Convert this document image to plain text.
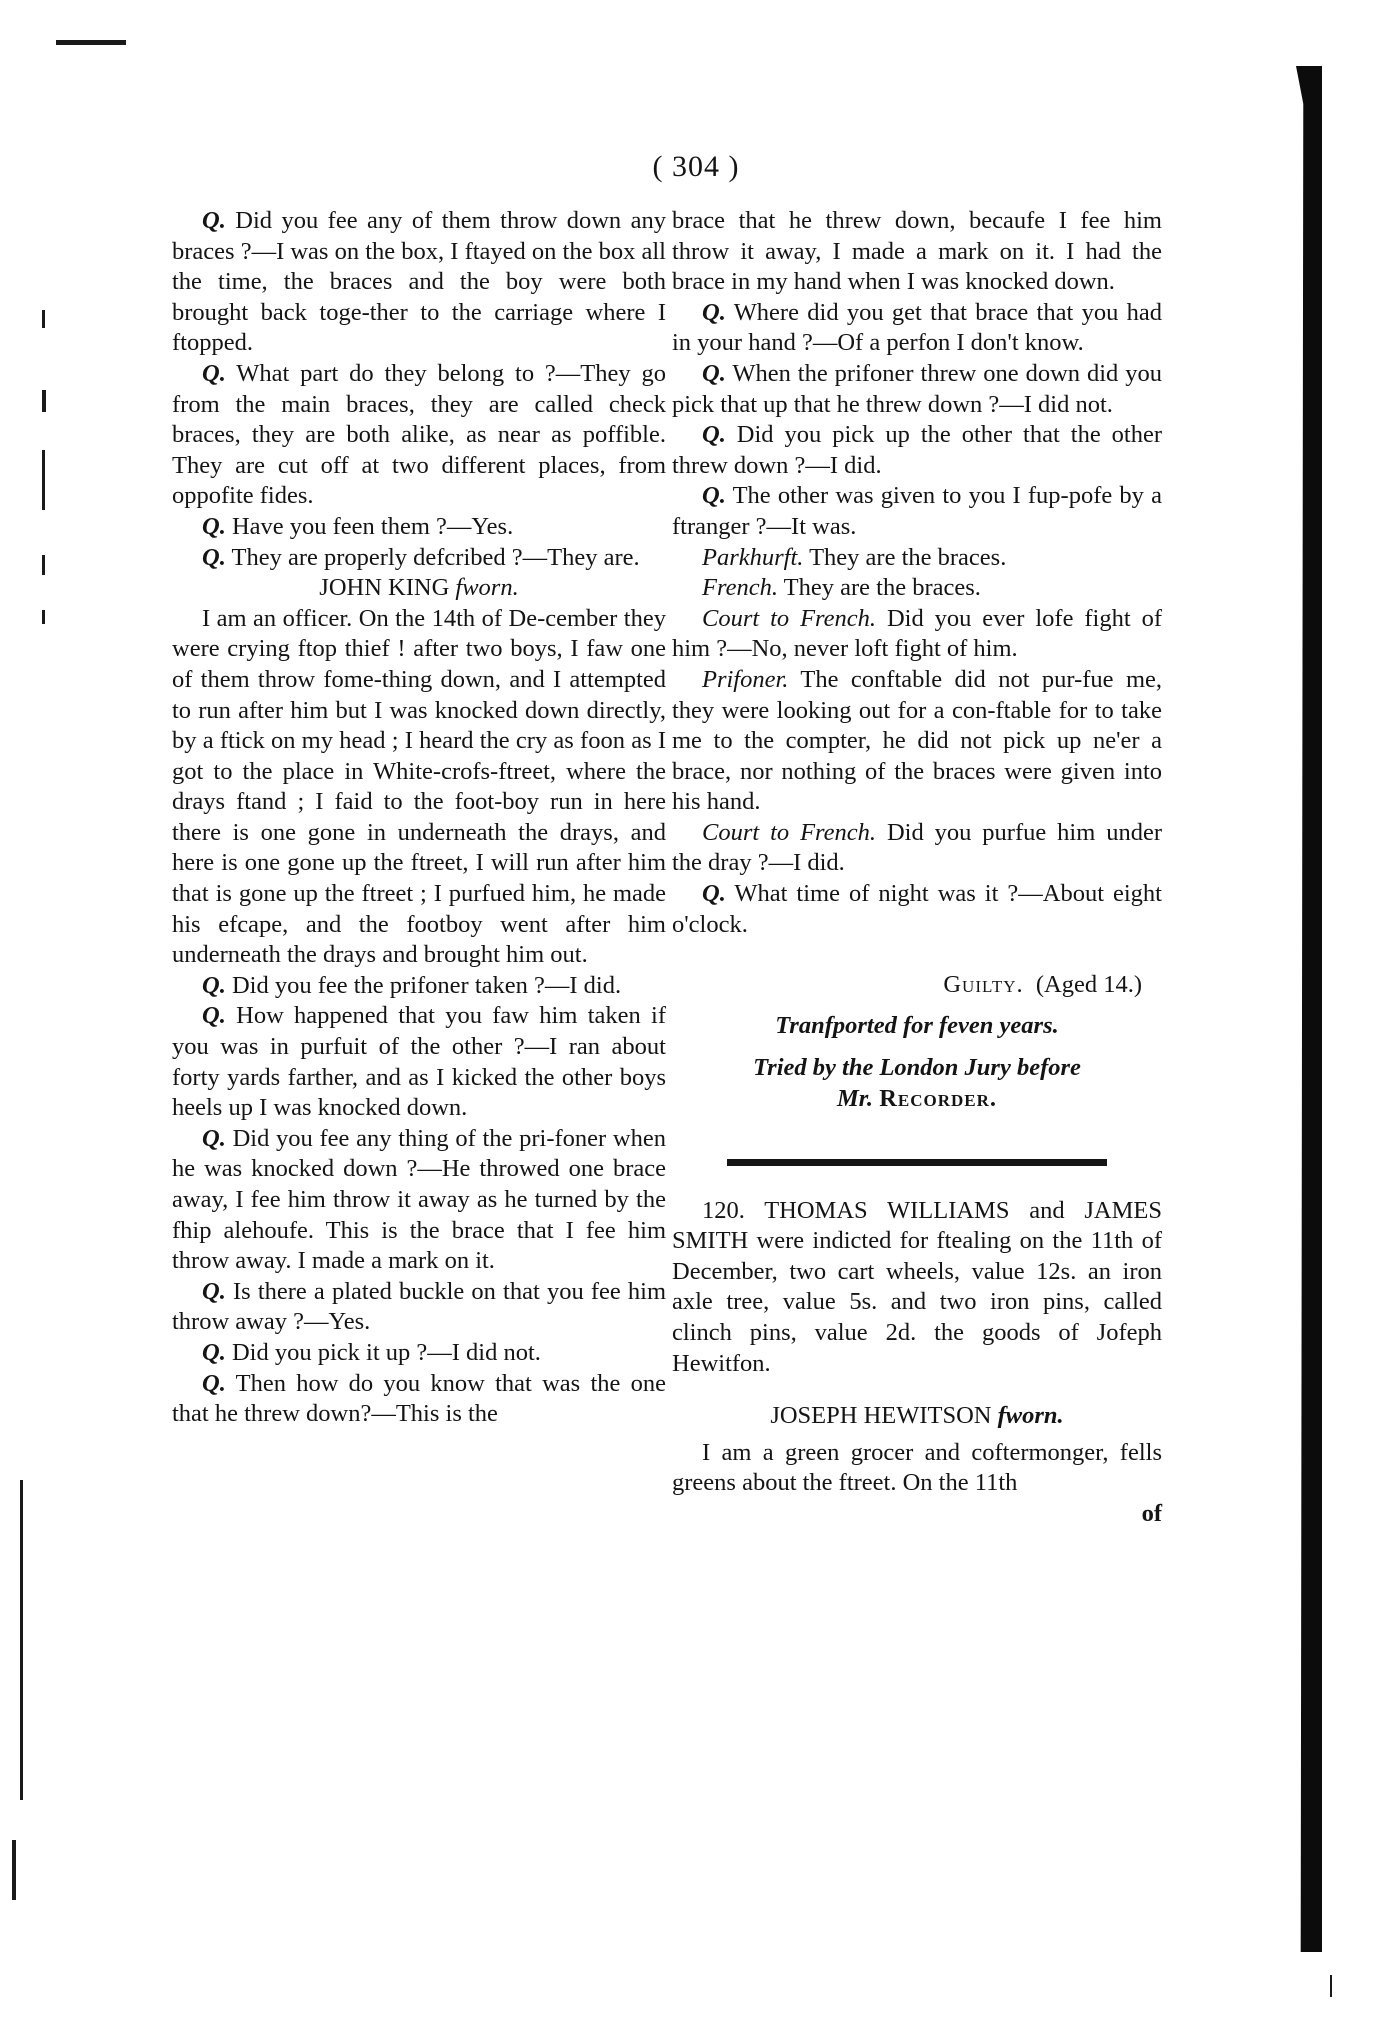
( 304 )

Q. Did you fee any of them throw down any braces ?—I was on the box, I ftayed on the box all the time, the braces and the boy were both brought back toge-ther to the carriage where I ftopped.

Q. What part do they belong to ?—They go from the main braces, they are called check braces, they are both alike, as near as poffible. They are cut off at two different places, from oppofite fides.

Q. Have you feen them ?—Yes.

Q. They are properly defcribed ?—They are.

JOHN KING fworn.

I am an officer. On the 14th of De-cember they were crying ftop thief ! after two boys, I faw one of them throw fome-thing down, and I attempted to run after him but I was knocked down directly, by a ftick on my head ; I heard the cry as foon as I got to the place in White-crofs-ftreet, where the drays ftand ; I faid to the foot-boy run in here there is one gone in underneath the drays, and here is one gone up the ftreet, I will run after him that is gone up the ftreet ; I purfued him, he made his efcape, and the footboy went after him underneath the drays and brought him out.

Q. Did you fee the prifoner taken ?—I did.

Q. How happened that you faw him taken if you was in purfuit of the other ?—I ran about forty yards farther, and as I kicked the other boys heels up I was knocked down.

Q. Did you fee any thing of the pri-foner when he was knocked down ?—He throwed one brace away, I fee him throw it away as he turned by the fhip alehoufe. This is the brace that I fee him throw away. I made a mark on it.

Q. Is there a plated buckle on that you fee him throw away ?—Yes.

Q. Did you pick it up ?—I did not.

Q. Then how do you know that was the one that he threw down?—This is the

brace that he threw down, becaufe I fee him throw it away, I made a mark on it. I had the brace in my hand when I was knocked down.

Q. Where did you get that brace that you had in your hand ?—Of a perfon I don't know.

Q. When the prifoner threw one down did you pick that up that he threw down ?—I did not.

Q. Did you pick up the other that the other threw down ?—I did.

Q. The other was given to you I fup-pofe by a ftranger ?—It was.

Parkhurft. They are the braces.

French. They are the braces.

Court to French. Did you ever lofe fight of him ?—No, never loft fight of him.

Prifoner. The conftable did not pur-fue me, they were looking out for a con-ftable for to take me to the compter, he did not pick up ne'er a brace, nor nothing of the braces were given into his hand.

Court to French. Did you purfue him under the dray ?—I did.

Q. What time of night was it ?—About eight o'clock.

Guilty. (Aged 14.)

Tranfported for feven years.

Tried by the London Jury before

Mr. Recorder.

120. THOMAS WILLIAMS and JAMES SMITH were indicted for ftealing on the 11th of December, two cart wheels, value 12s. an iron axle tree, value 5s. and two iron pins, called clinch pins, value 2d. the goods of Jofeph Hewitfon.

JOSEPH HEWITSON fworn.

I am a green grocer and coftermonger, fells greens about the ftreet. On the 11th

of
